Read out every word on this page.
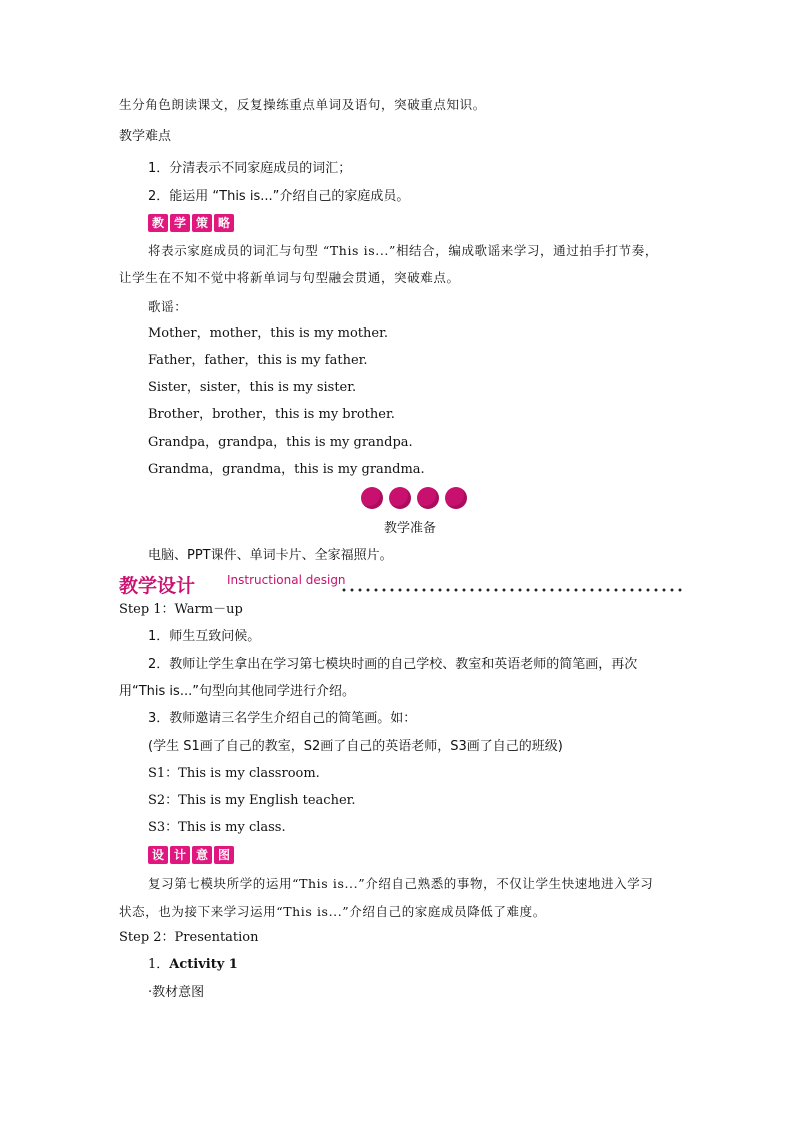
生分角色朗读课文，反复操练重点单词及语句，突破重点知识。
教学难点
1．分清表示不同家庭成员的词汇；
2．能运用 “This is...”介绍自己的家庭成员。
教 学 策 略
将表示家庭成员的词汇与句型 “This is...”相结合，编成歌谣来学习，通过拍手打节奏，
让学生在不知不觉中将新单词与句型融会贯通，突破难点。
歌谣：
Mother，mother，this is my mother.
Father，father，this is my father.
Sister，sister，this is my sister.
Brother，brother，this is my brother.
Grandpa，grandpa，this is my grandpa.
Grandma，grandma，this is my grandma.
教学准备
电脑、PPT课件、单词卡片、全家福照片。
教学设计	Instructional design
Step 1：Warm－up
1．师生互致问候。
2．教师让学生拿出在学习第七模块时画的自己学校、教室和英语老师的简笔画，再次
用“This is...”句型向其他同学进行介绍。
3．教师邀请三名学生介绍自己的简笔画。如：
(学生 S1画了自己的教室，S2画了自己的英语老师，S3画了自己的班级)
S1：This is my classroom.
S2：This is my English teacher.
S3：This is my class.
设 计 意 图
复习第七模块所学的运用“This is...”介绍自己熟悉的事物，不仅让学生快速地进入学习
状态，也为接下来学习运用“This is...”介绍自己的家庭成员降低了难度。
Step 2：Presentation
1．Activity 1
·教材意图
